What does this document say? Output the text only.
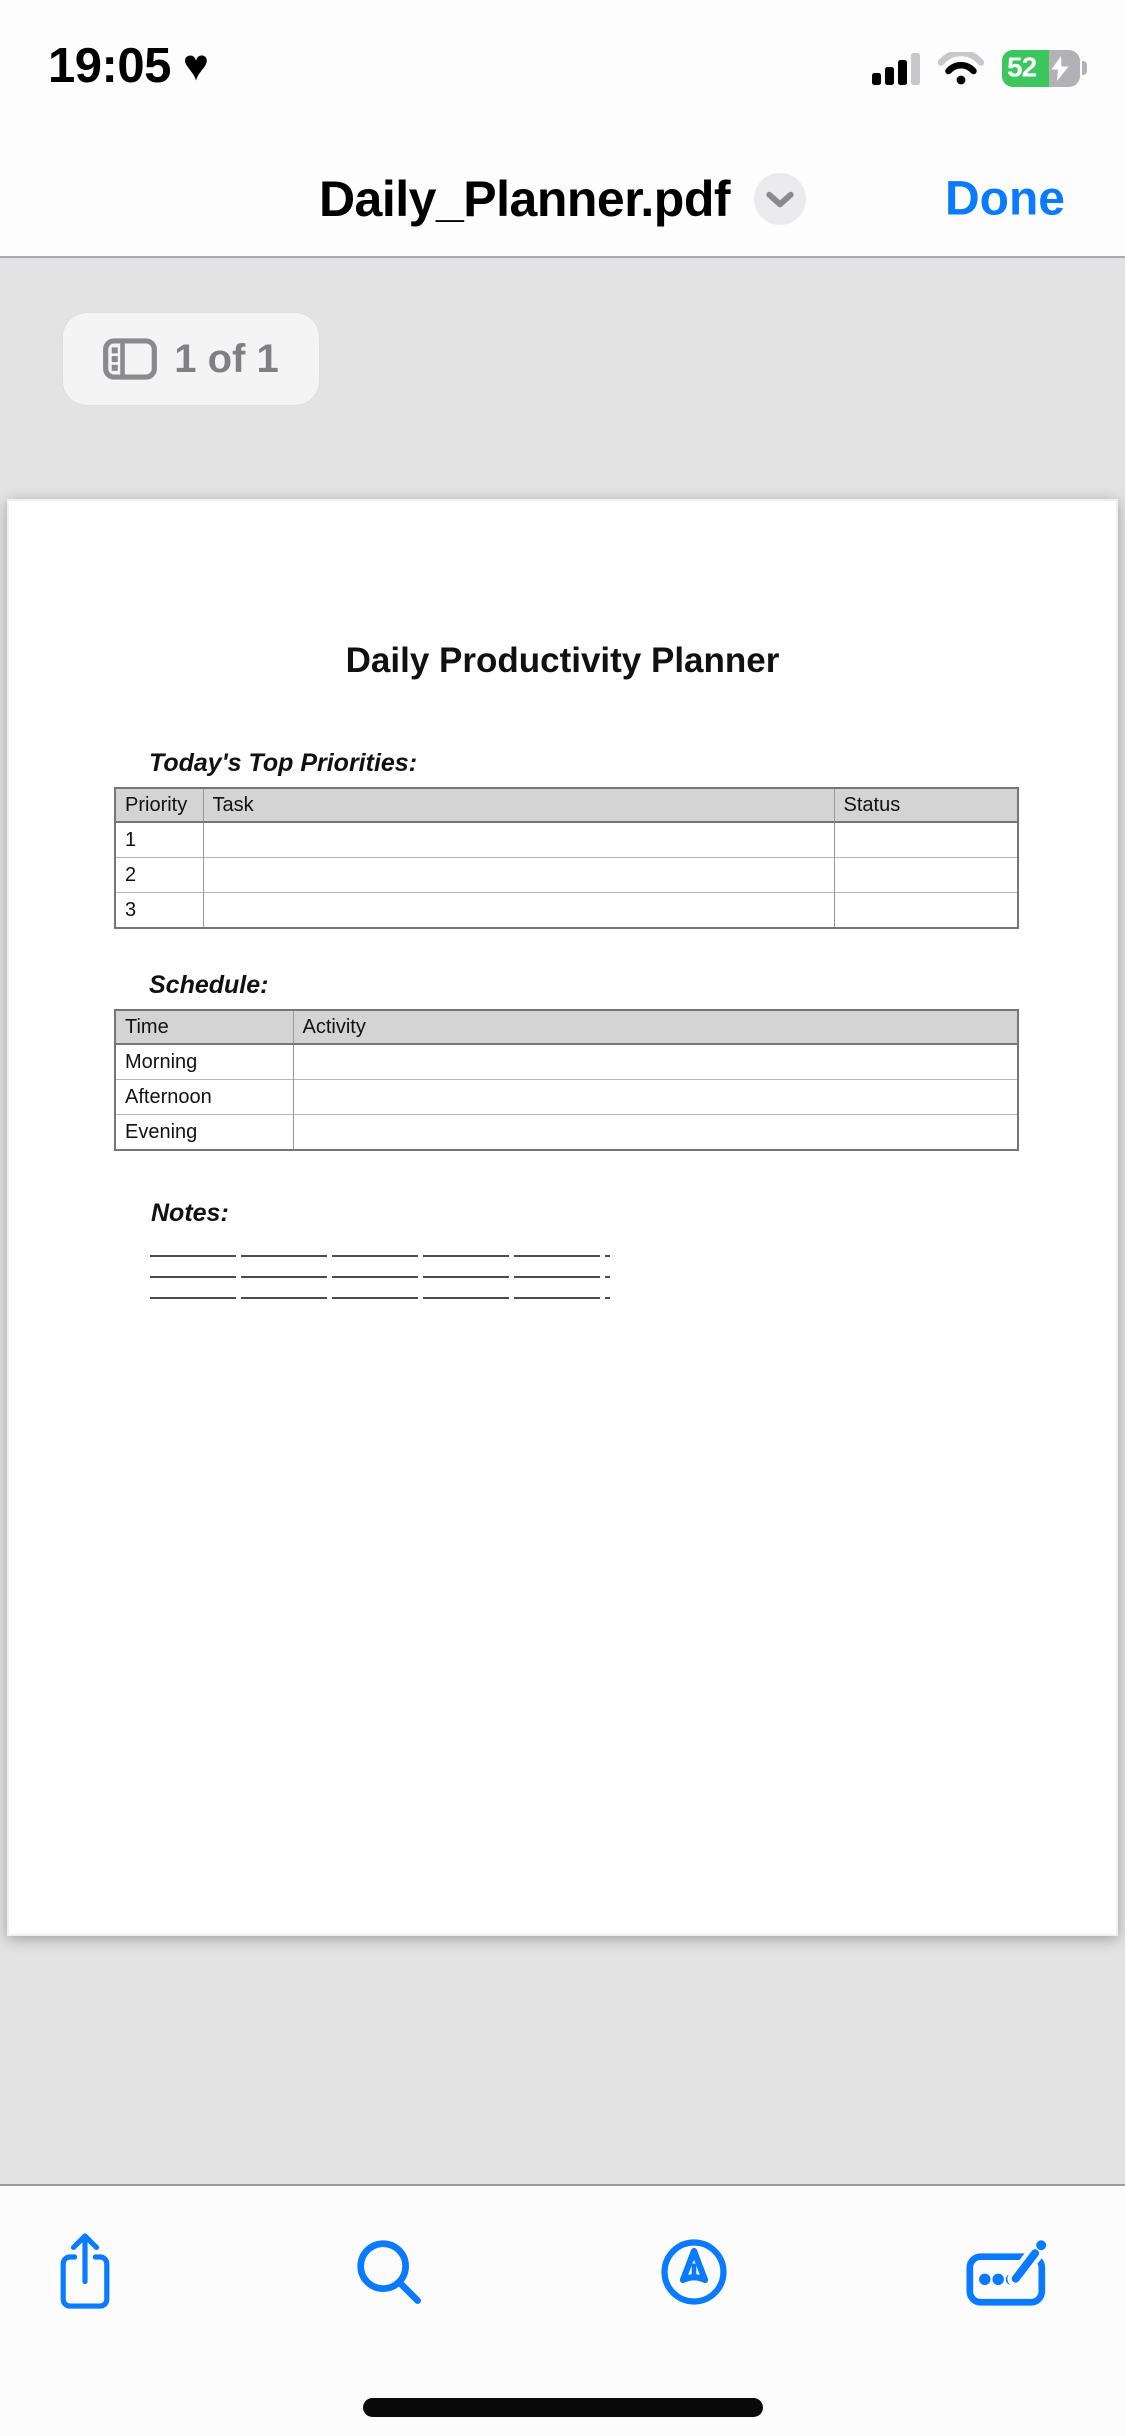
19:05 ♥	52
Daily_Planner.pdf	Done
1 of 1
Daily Productivity Planner
Today's Top Priorities:
Priority	Task	Status
1		
2		
3		
Schedule:
Time	Activity
Morning	
Afternoon	
Evening	
Notes:
